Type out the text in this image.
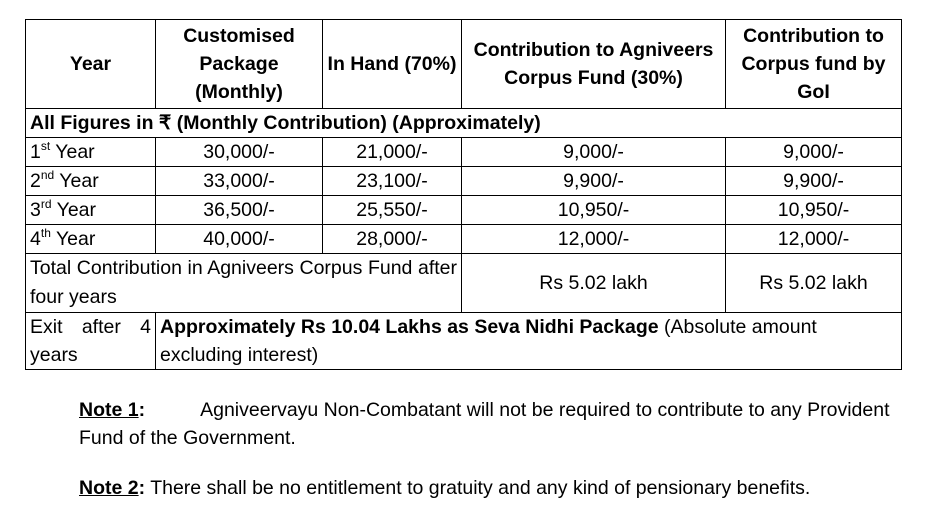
Year	Customised Package (Monthly)	In Hand (70%)	Contribution to Agniveers Corpus Fund (30%)	Contribution to Corpus fund by GoI
All Figures in ₹ (Monthly Contribution) (Approximately)				
1st Year	30,000/-	21,000/-	9,000/-	9,000/-
2nd Year	33,000/-	23,100/-	9,900/-	9,900/-
3rd Year	36,500/-	25,550/-	10,950/-	10,950/-
4th Year	40,000/-	28,000/-	12,000/-	12,000/-
Total Contribution in Agniveers Corpus Fund after four years			Rs 5.02 lakh	Rs 5.02 lakh
Exit after 4 years	Approximately Rs 10.04 Lakhs as Seva Nidhi Package (Absolute amount excluding interest)			

Note 1:	Agniveervayu Non-Combatant will not be required to contribute to any Provident Fund of the Government.

Note 2: There shall be no entitlement to gratuity and any kind of pensionary benefits.
